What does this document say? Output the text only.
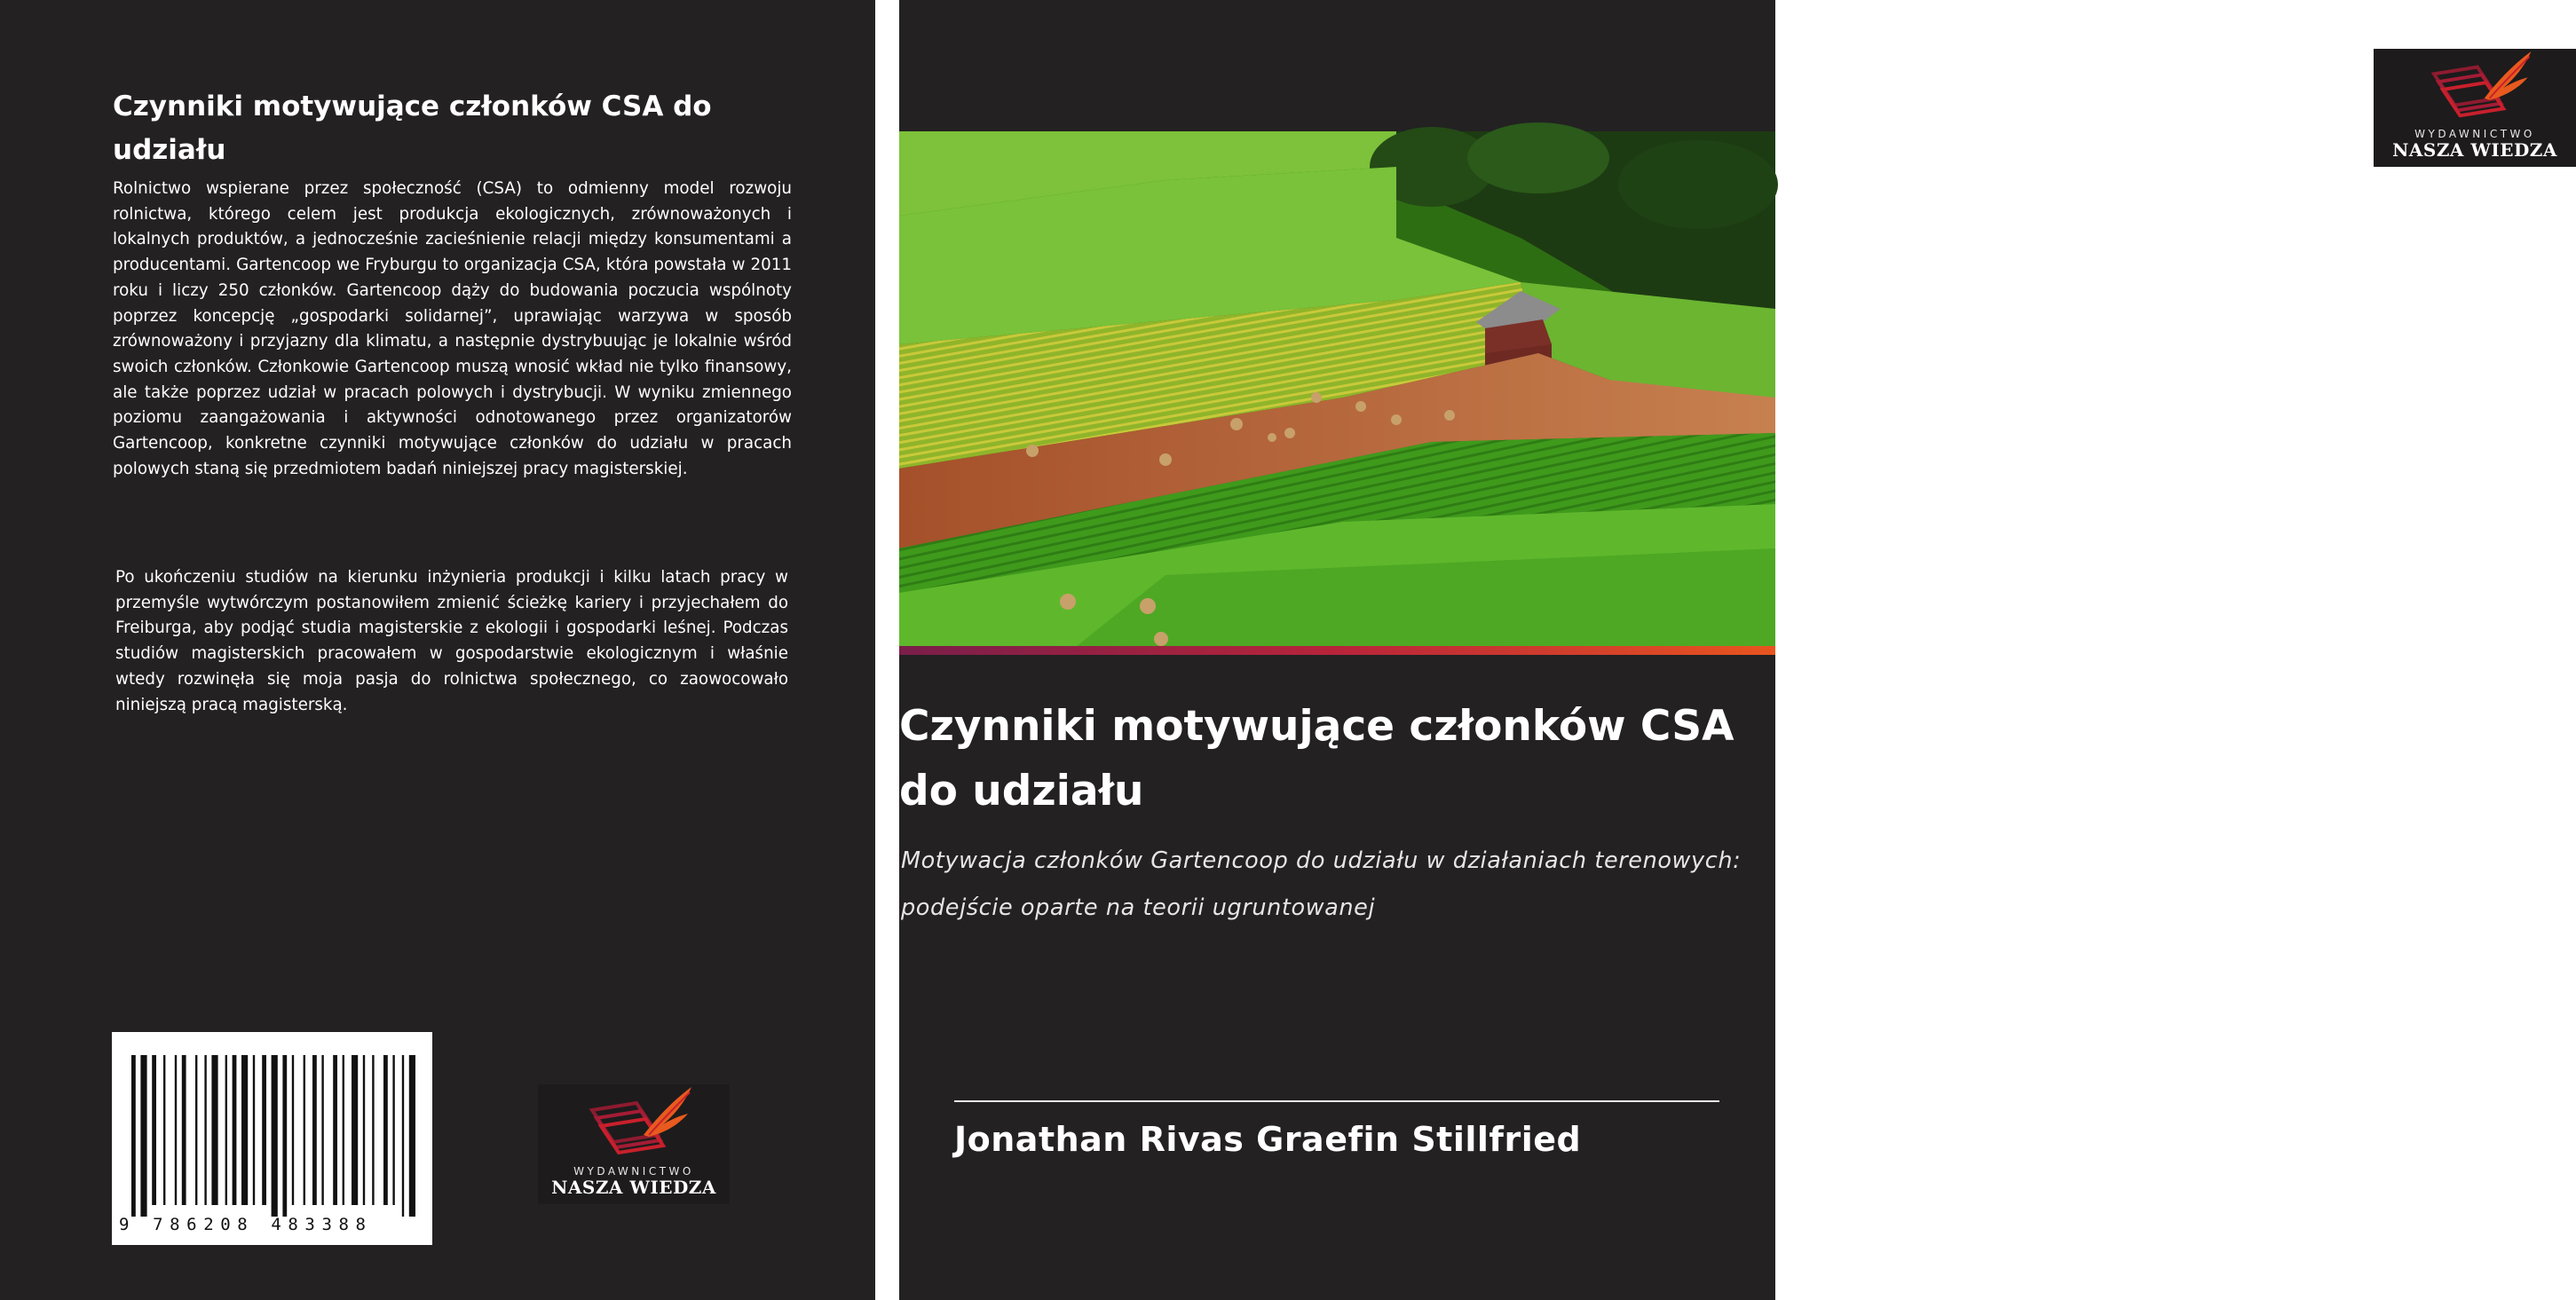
Czynniki motywujące członków CSA do udziału

Rolnictwo wspierane przez społeczność (CSA) to odmienny model rozwoju rolnictwa, którego celem jest produkcja ekologicznych, zrównoważonych i lokalnych produktów, a jednocześnie zacieśnienie relacji między konsumentami a producentami. Gartencoop we Fryburgu to organizacja CSA, która powstała w 2011 roku i liczy 250 członków. Gartencoop dąży do budowania poczucia wspólnoty poprzez koncepcję „gospodarki solidarnej”, uprawiając warzywa w sposób zrównoważony i przyjazny dla klimatu, a następnie dystrybuując je lokalnie wśród swoich członków. Członkowie Gartencoop muszą wnosić wkład nie tylko finansowy, ale także poprzez udział w pracach polowych i dystrybucji. W wyniku zmiennego poziomu zaangażowania i aktywności odnotowanego przez organizatorów Gartencoop, konkretne czynniki motywujące członków do udziału w pracach polowych staną się przedmiotem badań niniejszej pracy magisterskiej.

Po ukończeniu studiów na kierunku inżynieria produkcji i kilku latach pracy w przemyśle wytwórczym postanowiłem zmienić ścieżkę kariery i przyjechałem do Freiburga, aby podjąć studia magisterskie z ekologii i gospodarki leśnej. Podczas studiów magisterskich pracowałem w gospodarstwie ekologicznym i właśnie wtedy rozwinęła się moja pasja do rolnictwa społecznego, co zaowocowało niniejszą pracą magisterską.

9 786208 483388
WYDAWNICTWO
NASZA WIEDZA
WYDAWNICTWO
NASZA WIEDZA
Czynniki motywujące członków CSA do udziału

Motywacja członków Gartencoop do udziału w działaniach terenowych: podejście oparte na teorii ugruntowanej

Jonathan Rivas Graefin Stillfried
